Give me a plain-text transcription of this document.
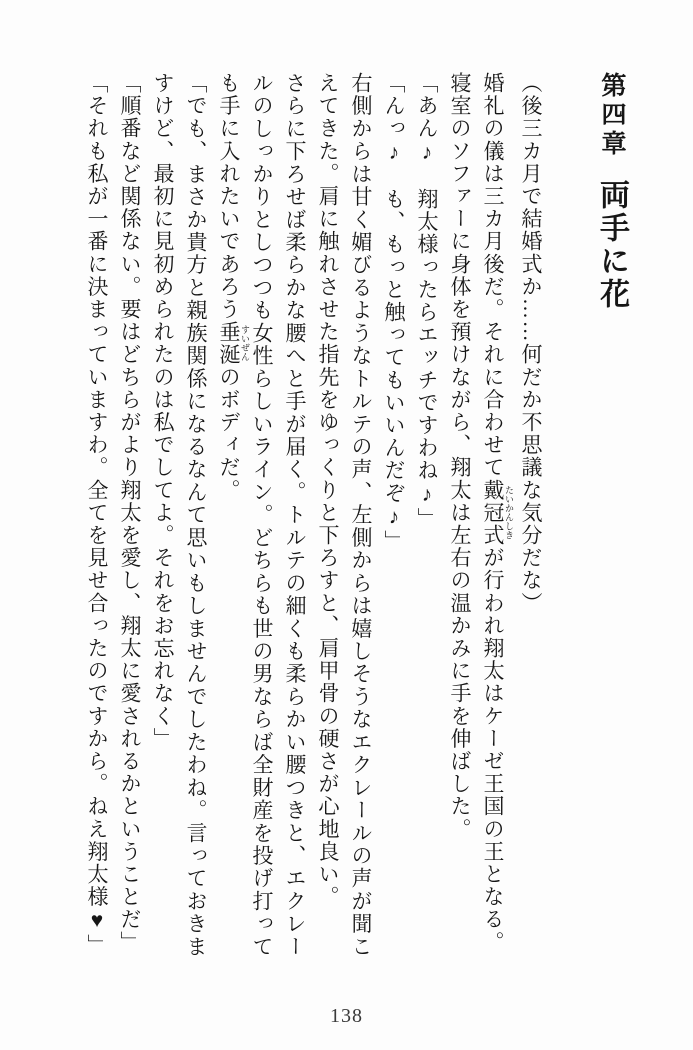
第四章両手に花

（後三カ月で結婚式か……何だか不思議な気分だな）

婚礼の儀は三カ月後だ。それに合わせて戴冠式 たいかんしきが行われ翔太はケーゼ王国の王となる。

寝室のソファーに身体を預けながら、翔太は左右の温かみに手を伸ばした。

「あん♪　翔太様ったらエッチですわね♪」

「んっ♪　も、もっと触ってもいいんだぞ♪」

右側からは甘く媚びるようなトルテの声、左側からは嬉しそうなエクレールの声が聞こえてきた。肩に触れさせた指先をゆっくりと下ろすと、肩甲骨の硬さが心地良い。

さらに下ろせば柔らかな腰へと手が届く。トルテの細くも柔らかい腰つきと、エクレールのしっかりとしつつも女性らしいライン。どちらも世の男ならば全財産を投げ打っても手に入れたいであろう垂涎 すいぜんのボディだ。

「でも、まさか貴方と親族関係になるなんて思いもしませんでしたわね。言っておきますけど、最初に見初められたのは私でしてよ。それをお忘れなく」

「順番など関係ない。要はどちらがより翔太を愛し、翔太に愛されるかということだ」

「それも私が一番に決まっていますわ。全てを見せ合ったのですから。ねえ翔太様♥」

138
